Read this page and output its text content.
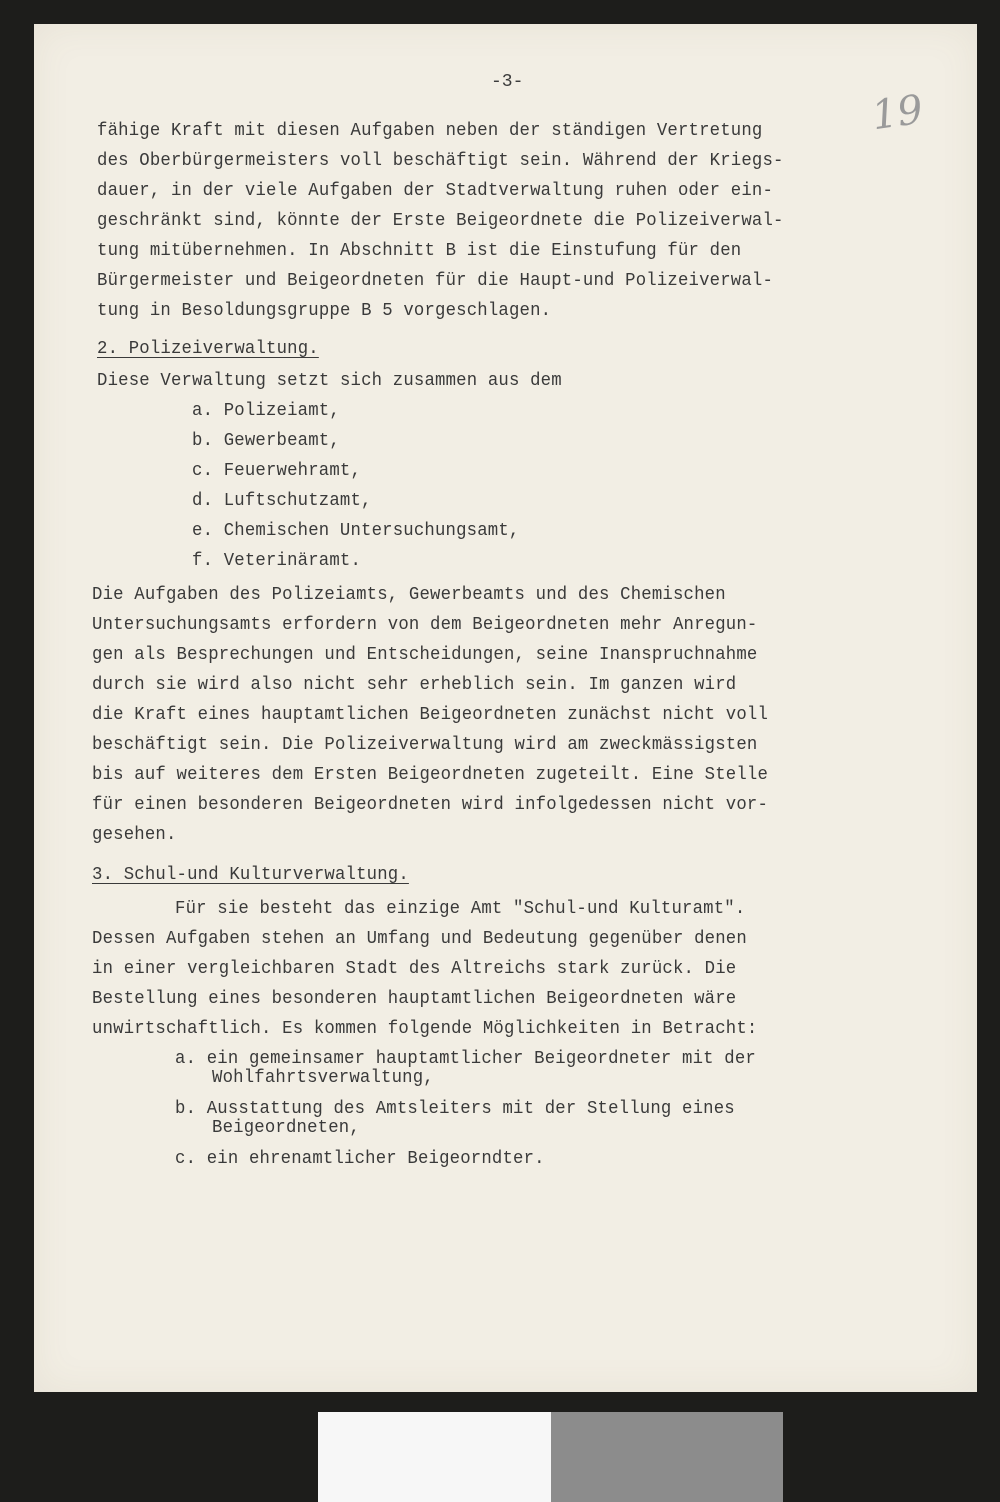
-3-
19
fähige Kraft mit diesen Aufgaben neben der ständigen Vertretung
des Oberbürgermeisters voll beschäftigt sein. Während der Kriegs-
dauer, in der viele Aufgaben der Stadtverwaltung ruhen oder ein-
geschränkt sind, könnte der Erste Beigeordnete die Polizeiverwal-
tung mitübernehmen. In Abschnitt B ist die Einstufung für den
Bürgermeister und Beigeordneten für die Haupt-und Polizeiverwal-
tung in Besoldungsgruppe B 5 vorgeschlagen.
2. Polizeiverwaltung.
Diese Verwaltung setzt sich zusammen aus dem
a. Polizeiamt,
b. Gewerbeamt,
c. Feuerwehramt,
d. Luftschutzamt,
e. Chemischen Untersuchungsamt,
f. Veterinäramt.
Die Aufgaben des Polizeiamts, Gewerbeamts und des Chemischen
Untersuchungsamts erfordern von dem Beigeordneten mehr Anregun-
gen als Besprechungen und Entscheidungen, seine Inanspruchnahme
durch sie wird also nicht sehr erheblich sein. Im ganzen wird
die Kraft eines hauptamtlichen Beigeordneten zunächst nicht voll
beschäftigt sein. Die Polizeiverwaltung wird am zweckmässigsten
bis auf weiteres dem Ersten Beigeordneten zugeteilt. Eine Stelle
für einen besonderen Beigeordneten wird infolgedessen nicht vor-
gesehen.
3. Schul-und Kulturverwaltung.
Für sie besteht das einzige Amt "Schul-und Kulturamt".
Dessen Aufgaben stehen an Umfang und Bedeutung gegenüber denen
in einer vergleichbaren Stadt des Altreichs stark zurück. Die
Bestellung eines besonderen hauptamtlichen Beigeordneten wäre
unwirtschaftlich. Es kommen folgende Möglichkeiten in Betracht:
a. ein gemeinsamer hauptamtlicher Beigeordneter mit der
Wohlfahrtsverwaltung,
b. Ausstattung des Amtsleiters mit der Stellung eines
Beigeordneten,
c. ein ehrenamtlicher Beigeorndter.
